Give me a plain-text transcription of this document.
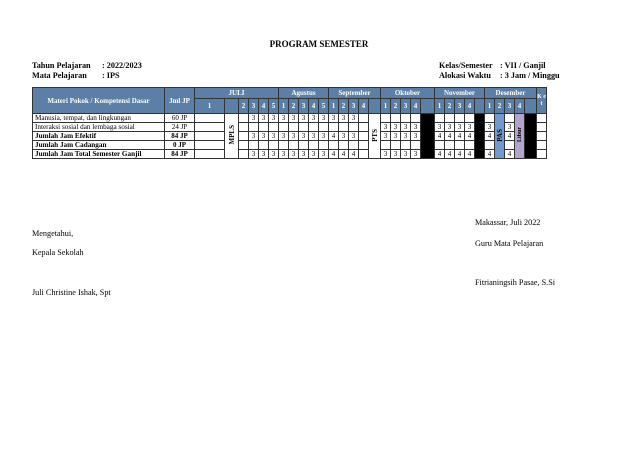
PROGRAM SEMESTER
Tahun Pelajaran : 2022/2023
Mata Pelajaran : IPS
Kelas/Semester : VII / Ganjil
Alokasi Waktu : 3 Jam / Minggu
Materi Pokok / Kompetensi Dasar	Jml JP	JULI						Agustus					September					Oktober					November					Desember					K e t
		1		2	3	4	5	1	2	3	4	5	1	2	3	4		1	2	3	4		1	2	3	4		1	2	3	4		
Manusia, tempat, dan lingkungan	60 JP		MPLS		3	3	3	3	3	3	3	3	3	3	3		PTS												PAS		Libur		
Interaksi sosial dan lembaga sosial	24 JP																	3	3	3	3		3	3	3	3		3		3			
Jumlah Jam Efektif	84 JP				3	3	3	3	3	3	3	3	4	3	3			3	3	3	3		4	4	4	4		4		4			
Jumlah Jam Cadangan	0 JP																																
Jumlah Jam Total Semester Ganjil	84 JP				3	3	3	3	3	3	3	3	4	4	4			3	3	3	3		4	4	4	4		4		4			
Makassar, Juli 2022
Mengetahui,
Guru Mata Pelajaran
Kepala Sekolah
Fitrianingsih Pasae, S.Si
Juli Christine Ishak, Spt
